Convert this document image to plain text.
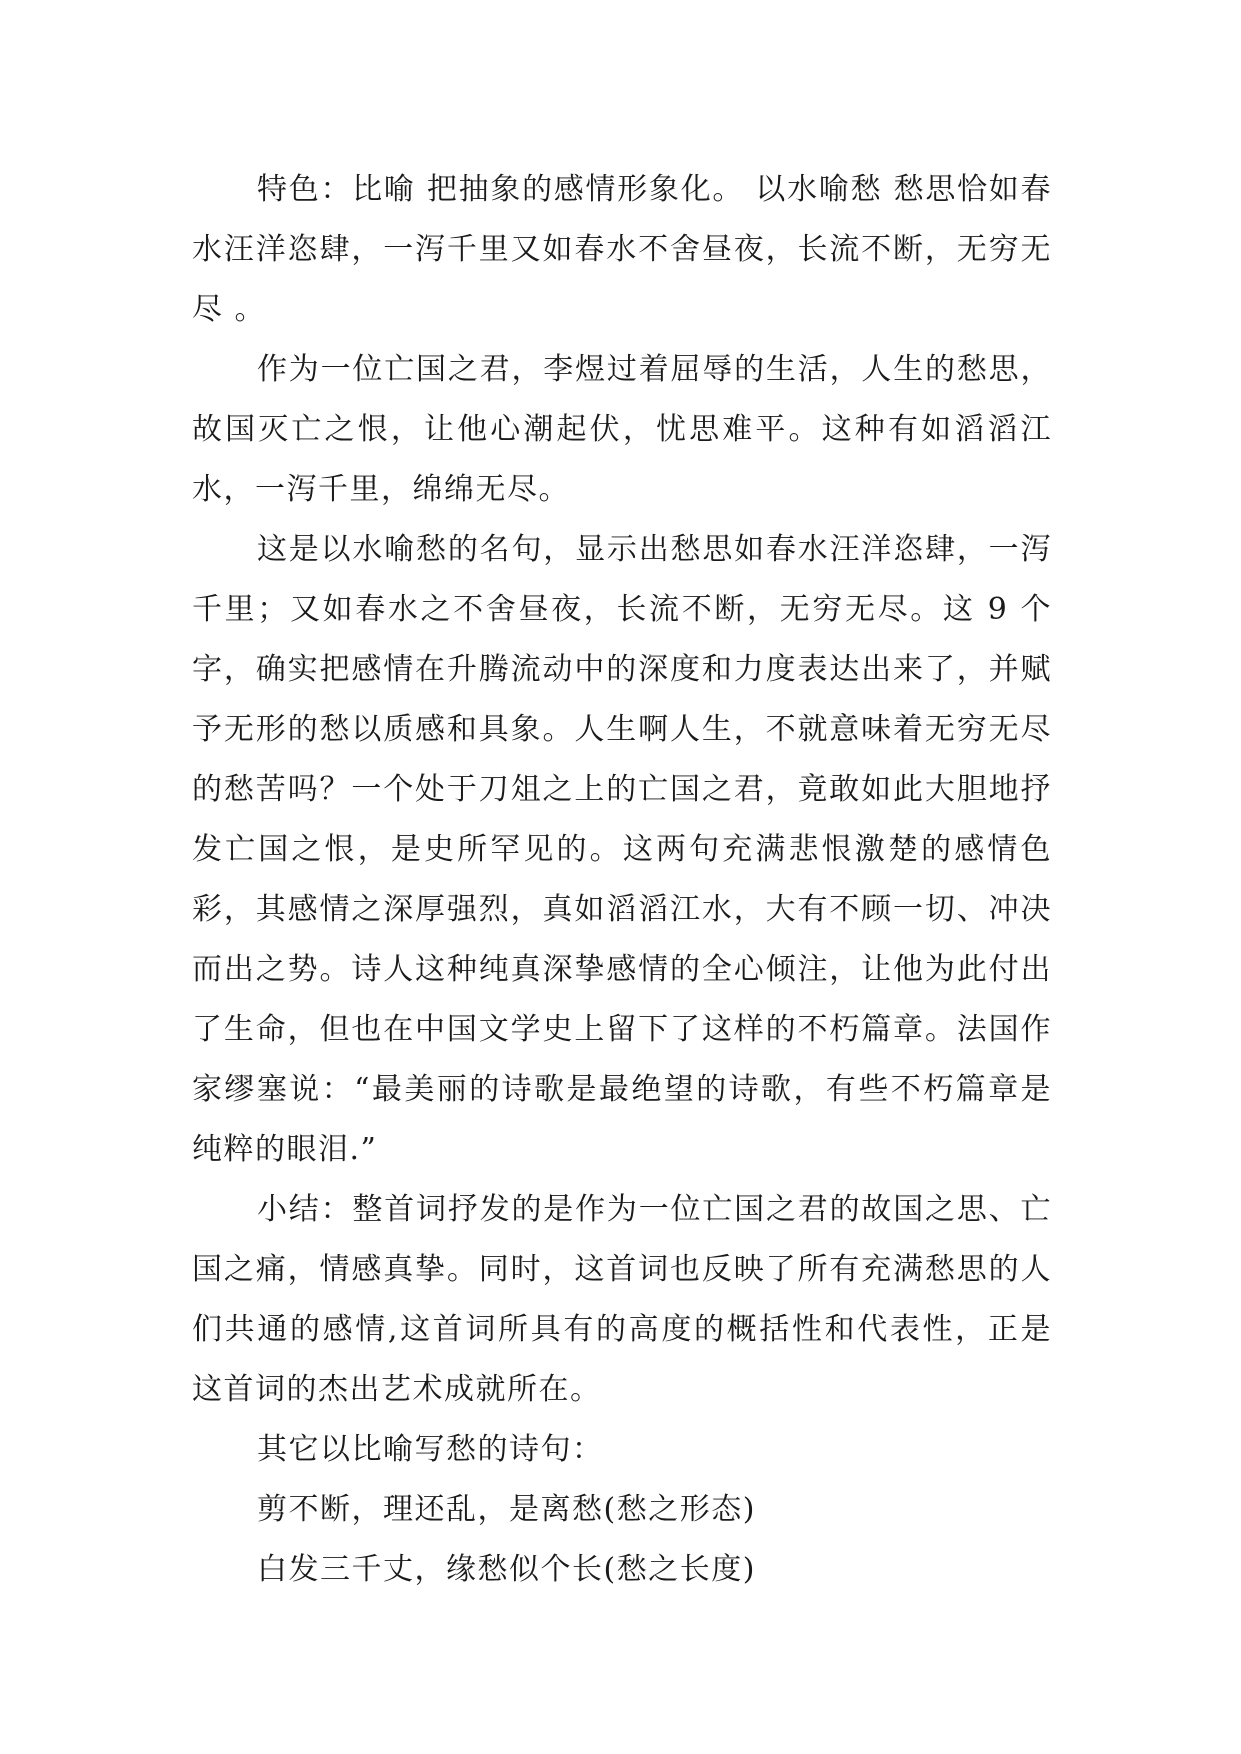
特色：比喻 把抽象的感情形象化。 以水喻愁 愁思恰如春水汪洋恣肆，一泻千里又如春水不舍昼夜，长流不断，无穷无尽 。

作为一位亡国之君，李煜过着屈辱的生活，人生的愁思，故国灭亡之恨，让他心潮起伏，忧思难平。这种有如滔滔江水，一泻千里，绵绵无尽。

这是以水喻愁的名句，显示出愁思如春水汪洋恣肆，一泻千里；又如春水之不舍昼夜，长流不断，无穷无尽。这 9 个字，确实把感情在升腾流动中的深度和力度表达出来了，并赋予无形的愁以质感和具象。人生啊人生，不就意味着无穷无尽的愁苦吗？一个处于刀俎之上的亡国之君，竟敢如此大胆地抒发亡国之恨，是史所罕见的。这两句充满悲恨激楚的感情色彩，其感情之深厚强烈，真如滔滔江水，大有不顾一切、冲决而出之势。诗人这种纯真深挚感情的全心倾注，让他为此付出了生命，但也在中国文学史上留下了这样的不朽篇章。法国作家缪塞说：“最美丽的诗歌是最绝望的诗歌，有些不朽篇章是纯粹的眼泪.”

小结：整首词抒发的是作为一位亡国之君的故国之思、亡国之痛，情感真挚。同时，这首词也反映了所有充满愁思的人们共通的感情,这首词所具有的高度的概括性和代表性，正是这首词的杰出艺术成就所在。

其它以比喻写愁的诗句：

剪不断，理还乱，是离愁(愁之形态)

白发三千丈，缘愁似个长(愁之长度)
